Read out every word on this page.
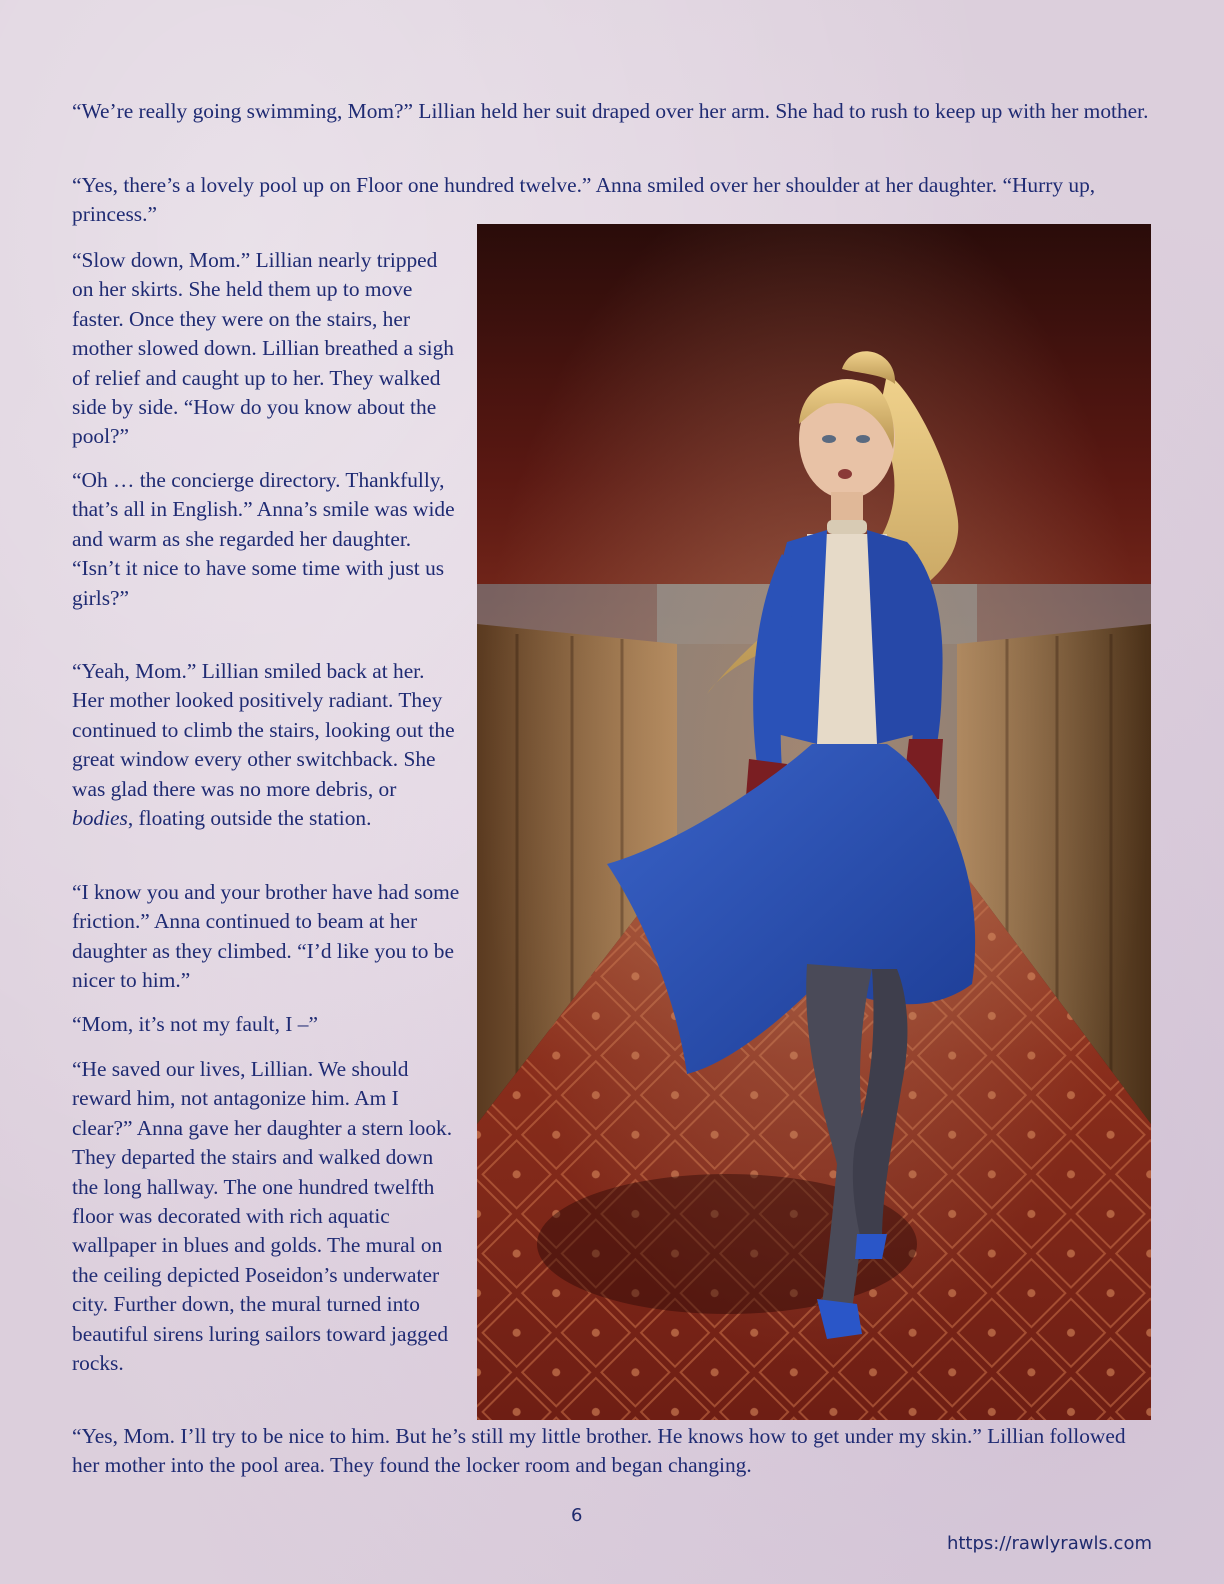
“We’re really going swimming, Mom?” Lillian held her suit draped over her arm. She had to rush to keep up with her mother.

“Yes, there’s a lovely pool up on Floor one hundred twelve.” Anna smiled over her shoulder at her daughter. “Hurry up, princess.”

“Slow down, Mom.” Lillian nearly tripped on her skirts. She held them up to move faster. Once they were on the stairs, her mother slowed down. Lillian breathed a sigh of relief and caught up to her. They walked side by side. “How do you know about the pool?”

“Oh … the concierge directory. Thankfully, that’s all in English.” Anna’s smile was wide and warm as she regarded her daughter. “Isn’t it nice to have some time with just us girls?”

“Yeah, Mom.” Lillian smiled back at her. Her mother looked positively radiant. They continued to climb the stairs, looking out the great window every other switchback. She was glad there was no more debris, or bodies, floating outside the station.

“I know you and your brother have had some friction.” Anna continued to beam at her daughter as they climbed. “I’d like you to be nicer to him.”

“Mom, it’s not my fault, I –”

“He saved our lives, Lillian. We should reward him, not antagonize him. Am I clear?” Anna gave her daughter a stern look. They departed the stairs and walked down the long hallway. The one hundred twelfth floor was decorated with rich aquatic wallpaper in blues and golds. The mural on the ceiling depicted Poseidon’s underwater city. Further down, the mural turned into beautiful sirens luring sailors toward jagged rocks.

“Yes, Mom. I’ll try to be nice to him. But he’s still my little brother. He knows how to get under my skin.” Lillian followed her mother into the pool area. They found the locker room and began changing.

6
https://rawlyrawls.com
